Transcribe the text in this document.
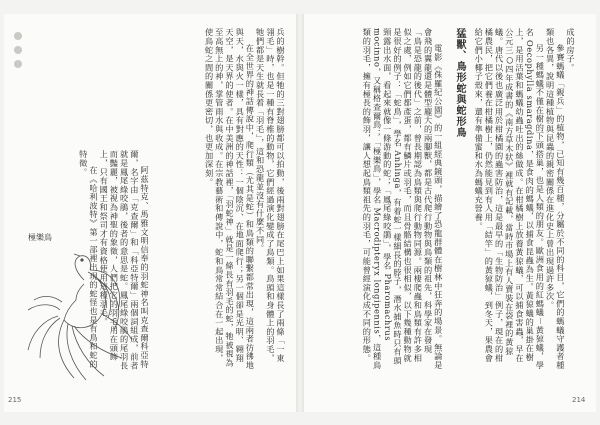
成的房子。

參賽螞蟻「親兵」的植物，已知有幾百種，分屬於不同的科目，它們的螞蟻守護者種類也各異，說明這種植物與昆蟲的親密關係在進化史上曾出現過許多次。

另一種螞蟻不僅在樹的下頭搭巢，也是人類的朋友。歐洲食用的紅螞蟻－黃猄蟻，學名 Oecophylla smaragdina，是食肉的螞蟻，以捕食昆蟲為生。黃猄蟻的巢掛在樹上，是用活葉和螞蟻幼蟲吐出的絲做成。在柑橘樹上放養黃猄蟻，可以捕食害蟲，早在公元三○四年成書的《南方草木狀》裡就有記載，當時市場上有人賣裝在袋裡的黃猄蟻。唐代以後也廣泛用於柑橘園的蟲害防治，這是最早的「生物防治」例子，現在的柑橘農民，把它們養在柑橘樹上，仍然能見到有人用「結竿」的黃猄蟻，到冬天，果農會給它們小椰子殼來，還有準備蜜和水為螞蟻充營養。

猛獸、鳥形蛇與蛇形鳥

電影《侏羅紀公園》的一組經典鏡頭，描繪了恐龍群體在樹林中狂奔的場景。無論是會飛的翼龍還是體型龐大的兩腳獸，都是古代爬行動物與鳥類的祖先，科學家在發現「鳥是恐龍的後代」之前，曾長期認為鳥類與爬行動物同源。兩棲爬蟲和鳥類有許多相似之處，例如它們都產蛋，都有鱗片或羽毛，而且骨骼結構也很相似，以下幾種動物就是很好的例子：「蛇鳥」，學名 Anhinga，有着蛇一樣細長的脖子，潛水捕魚時只有頭頸露出水面，看起來就像一條游動的蛇；「鳳尾綠咬鵑」，學名 Pharomachrus mocinno，又稱格查爾鳥；「極樂鳥」，學名 Macrodipteryx longipennis，這種鳥類的羽毛，擁有極長的飾羽，讓人想起鳥類祖先的羽毛，可能曾經演化成不同的形態。

兵的樹幹。但牠的三對翅膀都可以拍動，後兩對翅膀在尾巴上如果這樣長了兩條「一東翎毛」時，也是一種有脊椎的動物，它們經過演化變成了鳥類。鳥頭和身體上的羽毛，牠們都是天生就長着「羽毛」，這和恐龍並沒有什麼不同。

在全世界的神話傳說中，爬行類（尤其是蛇）和鳥類的聯繫都常出現，這兩者彷彿地與天，水與火一樣，具有對應的天性：一個陰沉、在地面爬行；另一個卻是光明、翱翔天空，是天界的使者。在中美洲的神話裡，「羽蛇神」就是一條長有羽毛的蛇，牠被視為至高無上的神，掌管雨水與收成。在宗教藝術和傳說中，蛇和鳥常常結合在一起出現，使鳥蛇之間的關係更密切，也更加深刻。

阿茲特克、馬雅文明信奉的羽蛇神名叫克查爾科亞特爾，名字由「克查爾」和「科亞特爾」兩個詞組成，前者就是鳳尾綠咬鵑，後者的意思是蛇。鳳尾綠咬鵑的尾羽長而豔麗，被視為神聖的象徵，人們把它的羽毛用在頭飾上，只有國王和祭司才有資格使用這種羽毛。

在《哈利波特》第一部裡出現的蛇怪也是有鳥和蛇的特徵。

極樂鳥
215	214
